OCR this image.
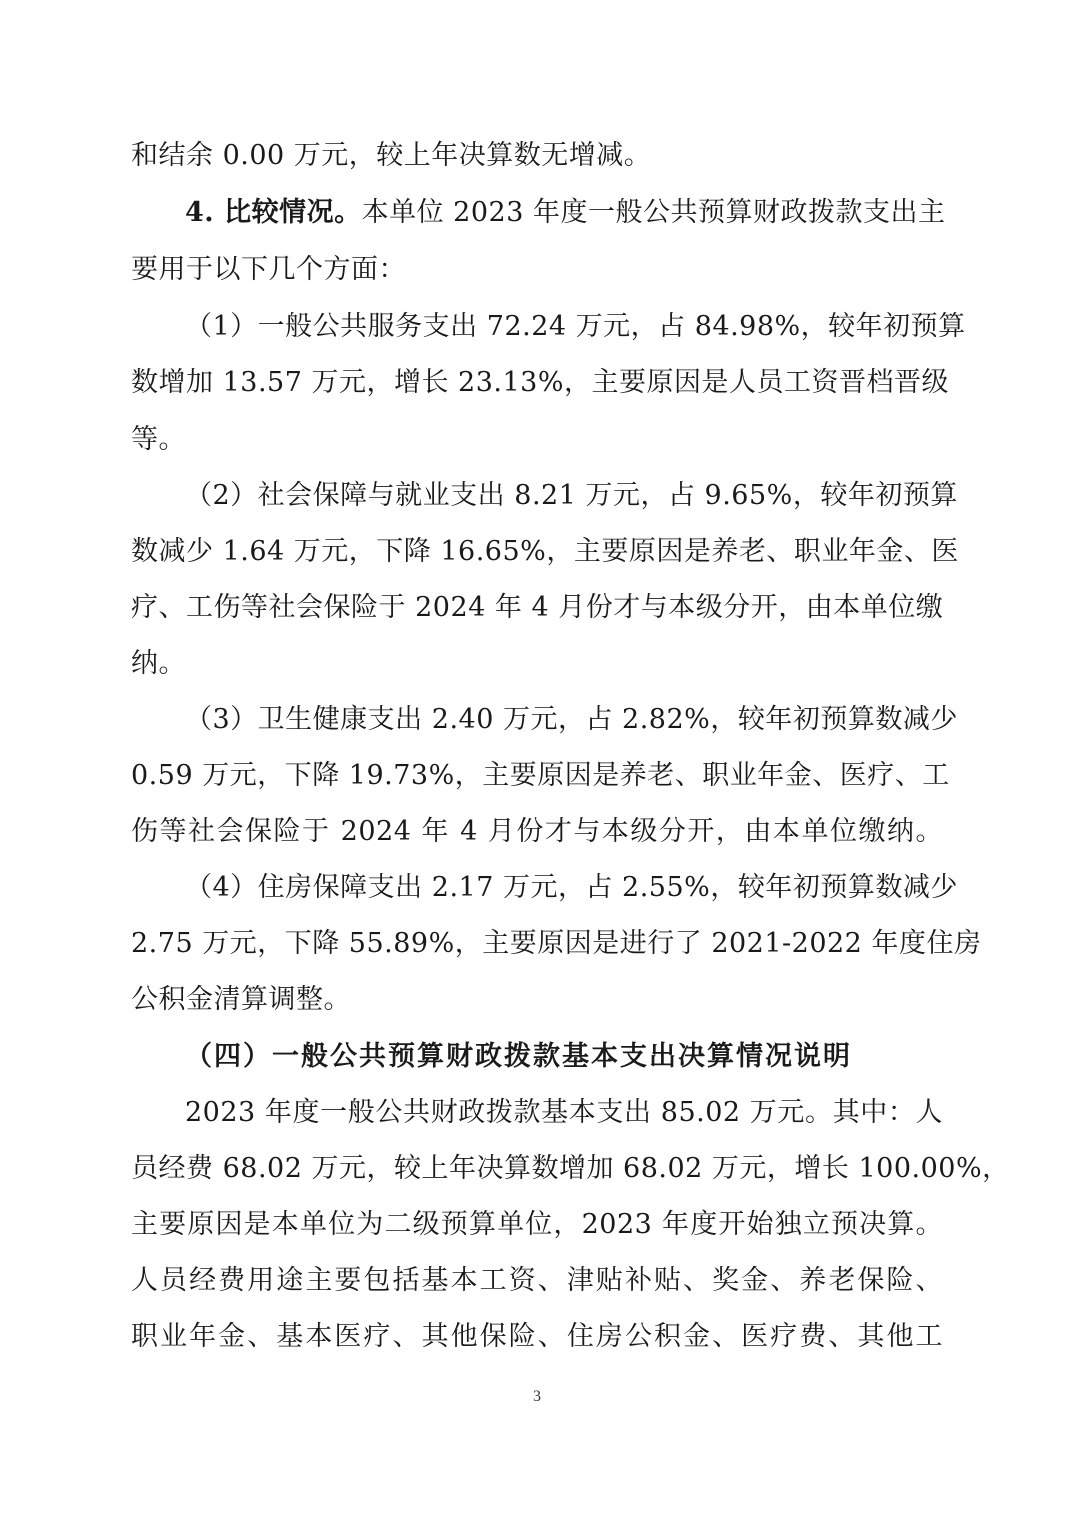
和结余 0.00 万元，较上年决算数无增减。
4. 比较情况。本单位 2023 年度一般公共预算财政拨款支出主
要用于以下几个方面：
（1）一般公共服务支出 72.24 万元，占 84.98%，较年初预算
数增加 13.57 万元，增长 23.13%，主要原因是人员工资晋档晋级
等。
（2）社会保障与就业支出 8.21 万元，占 9.65%，较年初预算
数减少 1.64 万元，下降 16.65%，主要原因是养老、职业年金、医
疗、工伤等社会保险于 2024 年 4 月份才与本级分开，由本单位缴
纳。
（3）卫生健康支出 2.40 万元，占 2.82%，较年初预算数减少
0.59 万元，下降 19.73%，主要原因是养老、职业年金、医疗、工
伤等社会保险于 2024 年 4 月份才与本级分开，由本单位缴纳。
（4）住房保障支出 2.17 万元，占 2.55%，较年初预算数减少
2.75 万元，下降 55.89%，主要原因是进行了 2021-2022 年度住房
公积金清算调整。
（四）一般公共预算财政拨款基本支出决算情况说明
2023 年度一般公共财政拨款基本支出 85.02 万元。其中：人
员经费 68.02 万元，较上年决算数增加 68.02 万元，增长 100.00%，
主要原因是本单位为二级预算单位，2023 年度开始独立预决算。
人员经费用途主要包括基本工资、津贴补贴、奖金、养老保险、
职业年金、基本医疗、其他保险、住房公积金、医疗费、其他工
3
